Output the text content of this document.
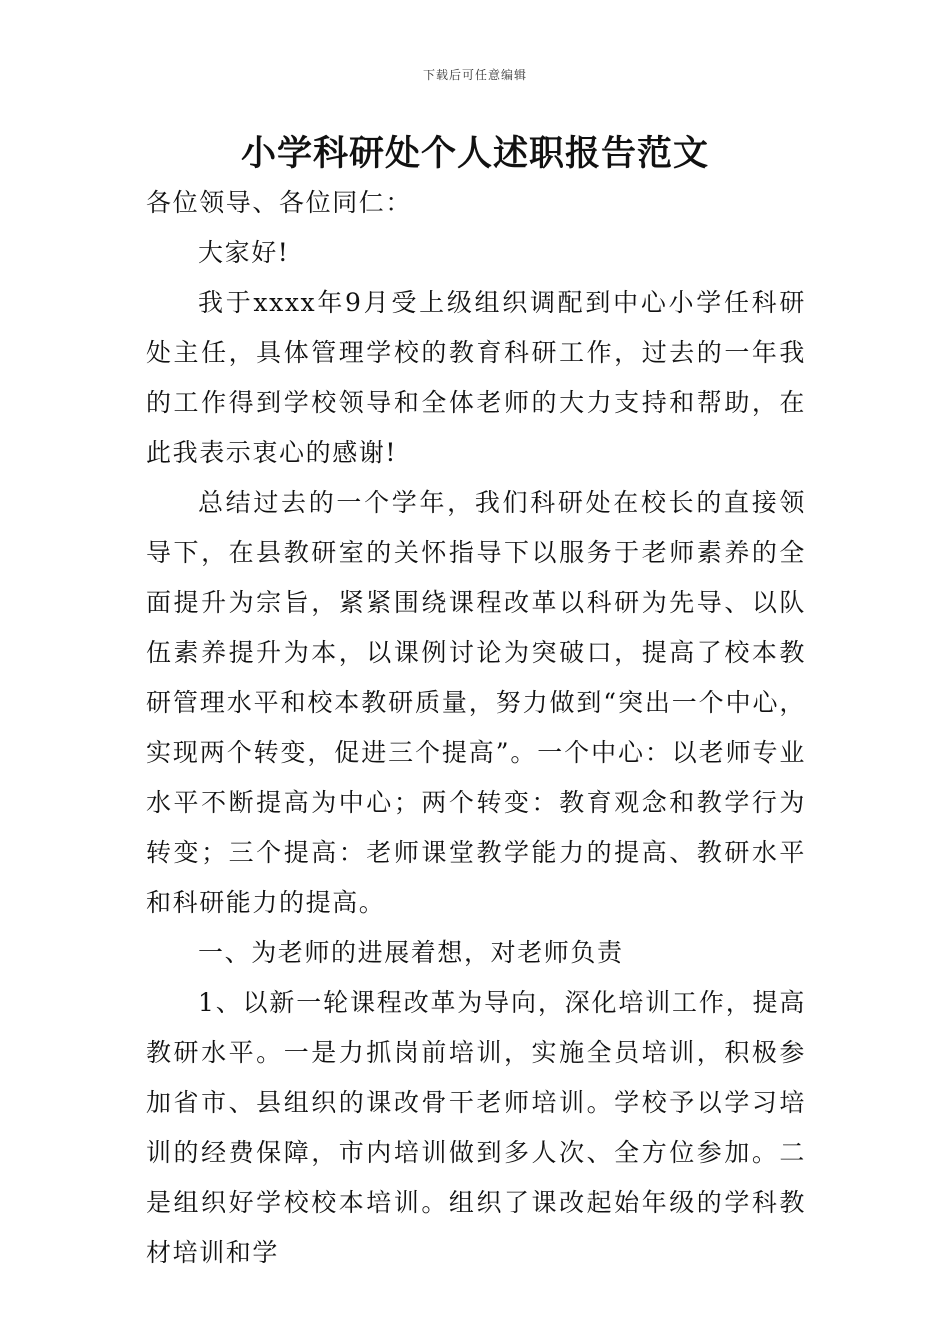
下载后可任意编辑
小学科研处个人述职报告范文

各位领导、各位同仁：

大家好!

我于xxxx年9月受上级组织调配到中心小学任科研处主任，具体管理学校的教育科研工作，过去的一年我的工作得到学校领导和全体老师的大力支持和帮助，在此我表示衷心的感谢!

总结过去的一个学年，我们科研处在校长的直接领导下，在县教研室的关怀指导下以服务于老师素养的全面提升为宗旨，紧紧围绕课程改革以科研为先导、以队伍素养提升为本，以课例讨论为突破口，提高了校本教研管理水平和校本教研质量，努力做到“突出一个中心，实现两个转变，促进三个提高”。一个中心：以老师专业水平不断提高为中心；两个转变：教育观念和教学行为转变；三个提高：老师课堂教学能力的提高、教研水平和科研能力的提高。

一、为老师的进展着想，对老师负责

1、以新一轮课程改革为导向，深化培训工作，提高教研水平。一是力抓岗前培训，实施全员培训，积极参加省市、县组织的课改骨干老师培训。学校予以学习培训的经费保障，市内培训做到多人次、全方位参加。二是组织好学校校本培训。组织了课改起始年级的学科教材培训和学
